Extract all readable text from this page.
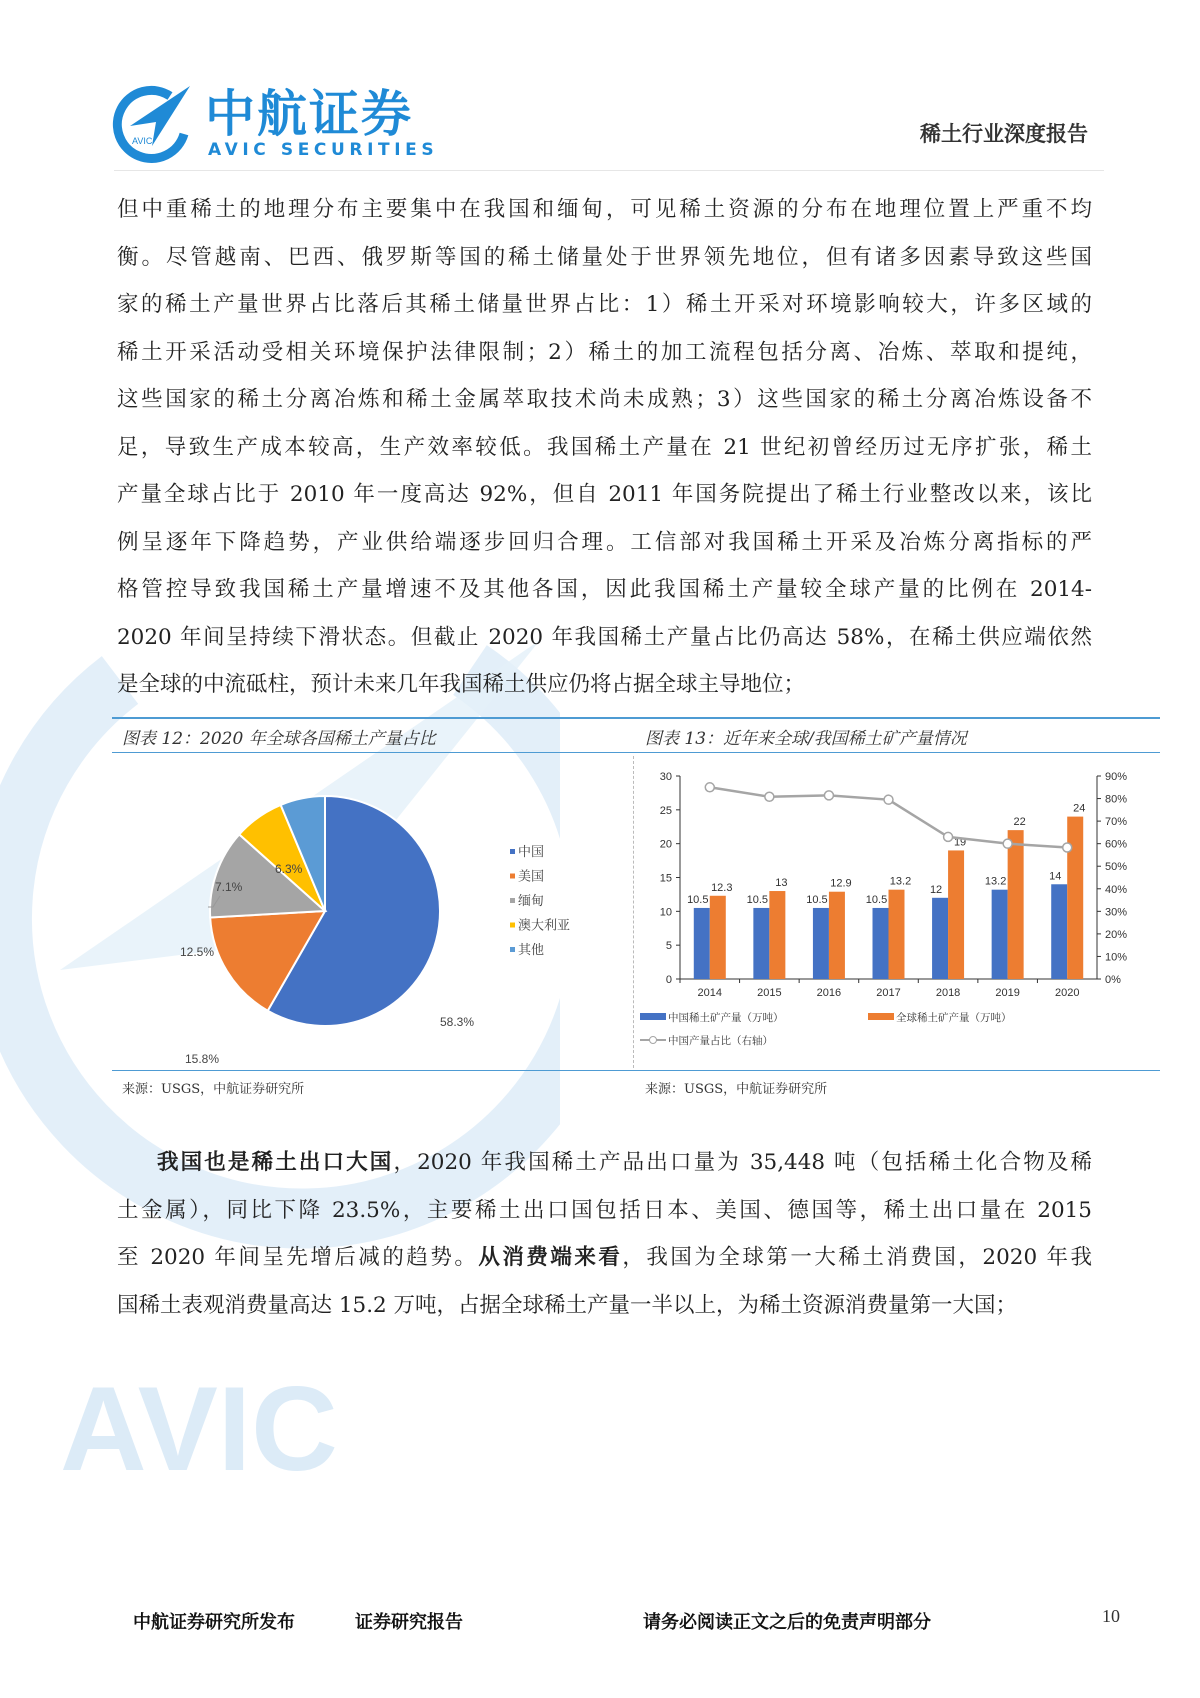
AVIC
AVIC 中航证券
AVIC SECURITIES
稀土行业深度报告
但中重稀土的地理分布主要集中在我国和缅甸，可见稀土资源的分布在地理位置上严重不均
衡。尽管越南、巴西、俄罗斯等国的稀土储量处于世界领先地位，但有诸多因素导致这些国
家的稀土产量世界占比落后其稀土储量世界占比：1）稀土开采对环境影响较大，许多区域的
稀土开采活动受相关环境保护法律限制；2）稀土的加工流程包括分离、冶炼、萃取和提纯，
这些国家的稀土分离冶炼和稀土金属萃取技术尚未成熟；3）这些国家的稀土分离冶炼设备不
足，导致生产成本较高，生产效率较低。我国稀土产量在 21 世纪初曾经历过无序扩张，稀土
产量全球占比于 2010 年一度高达 92%，但自 2011 年国务院提出了稀土行业整改以来，该比
例呈逐年下降趋势，产业供给端逐步回归合理。工信部对我国稀土开采及冶炼分离指标的严
格管控导致我国稀土产量增速不及其他各国，因此我国稀土产量较全球产量的比例在 2014-
2020 年间呈持续下滑状态。但截止 2020 年我国稀土产量占比仍高达 58%，在稀土供应端依然
是全球的中流砥柱，预计未来几年我国稀土供应仍将占据全球主导地位；
图表 12：2020 年全球各国稀土产量占比	图表 13：近年来全球/我国稀土矿产量情况
58.3%
15.8%
12.5%
7.1%
6.3%
中国
美国
缅甸
澳大利亚
其他
0
5
10
15
20
25
30
0%
10%
20%
30%
40%
50%
60%
70%
80%
90%
2014
10.5
12.3
2015
10.5
13
2016
10.5
12.9
2017
10.5
13.2
2018
12
19
2019
13.2
22
2020
14
24
中国稀土矿产量（万吨）	全球稀土矿产量（万吨）
中国产量占比（右轴）
来源：USGS，中航证券研究所	来源：USGS，中航证券研究所
我国也是稀土出口大国，2020 年我国稀土产品出口量为 35,448 吨（包括稀土化合物及稀
土金属），同比下降 23.5%，主要稀土出口国包括日本、美国、德国等，稀土出口量在 2015
至 2020 年间呈先增后减的趋势。从消费端来看，我国为全球第一大稀土消费国，2020 年我
国稀土表观消费量高达 15.2 万吨，占据全球稀土产量一半以上，为稀土资源消费量第一大国；
中航证券研究所发布	证券研究报告	请务必阅读正文之后的免责声明部分	10
